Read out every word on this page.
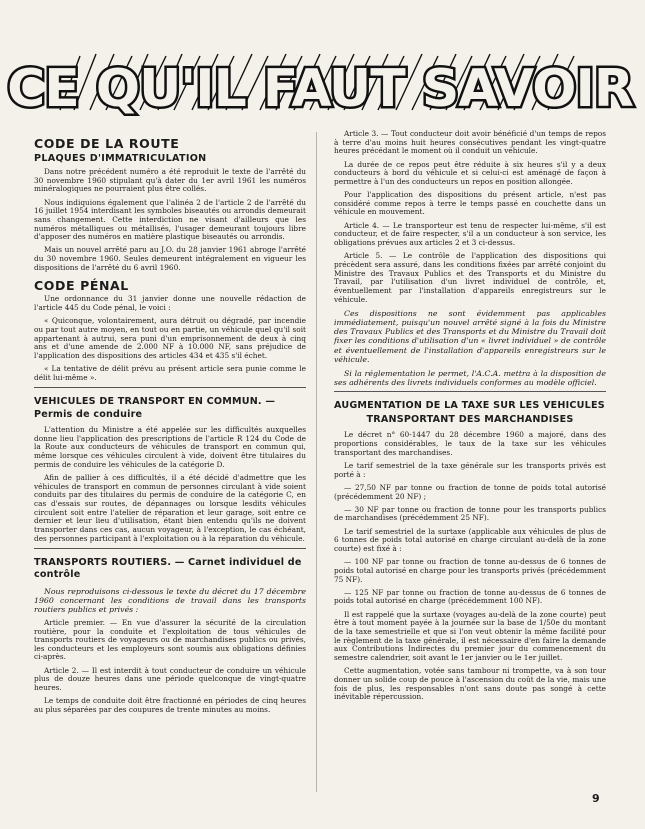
CE QU'IL FAUT SAVOIR
CODE DE LA ROUTE
PLAQUES D'IMMATRICULATION

Dans notre précédent numéro a été reproduit le texte de l'arrêté du 30 novembre 1960 stipulant qu'à dater du 1er avril 1961 les numéros minéralogiques ne pourraient plus être collés.

Nous indiquions également que l'alinéa 2 de l'article 2 de l'arrêté du 16 juillet 1954 interdisant les symboles biseautés ou arrondis demeurait sans changement. Cette interdiction ne visant d'ailleurs que les numéros métalliques ou métallisés, l'usager demeurant toujours libre d'apposer des numéros en matière plastique biseautés ou arrondis.

Mais un nouvel arrêté paru au J.O. du 28 janvier 1961 abroge l'arrêté du 30 novembre 1960. Seules demeurent intégralement en vigueur les dispositions de l'arrêté du 6 avril 1960.

CODE PÉNAL

Une ordonnance du 31 janvier donne une nouvelle rédaction de l'article 445 du Code pénal, le voici :

« Quiconque, volontairement, aura détruit ou dégradé, par incendie ou par tout autre moyen, en tout ou en partie, un véhicule quel qu'il soit appartenant à autrui, sera puni d'un emprisonnement de deux à cinq ans et d'une amende de 2.000 NF à 10.000 NF, sans préjudice de l'application des dispositions des articles 434 et 435 s'il échet.

« La tentative de délit prévu au présent article sera punie comme le délit lui-même ».

VEHICULES DE TRANSPORT EN COMMUN. — Permis de conduire

L'attention du Ministre a été appelée sur les difficultés auxquelles donne lieu l'application des prescriptions de l'article R 124 du Code de la Route aux conducteurs de véhicules de transport en commun qui, même lorsque ces véhicules circulent à vide, doivent être titulaires du permis de conduire les véhicules de la catégorie D.

Afin de pallier à ces difficultés, il a été décidé d'admettre que les véhicules de transport en commun de personnes circulant à vide soient conduits par des titulaires du permis de conduire de la catégorie C, en cas d'essais sur routes, de dépannages ou lorsque lesdits véhicules circulent soit entre l'atelier de réparation et leur garage, soit entre ce dernier et leur lieu d'utilisation, étant bien entendu qu'ils ne doivent transporter dans ces cas, aucun voyageur, à l'exception, le cas échéant, des personnes participant à l'exploitation ou à la réparation du véhicule.

TRANSPORTS ROUTIERS. — Carnet individuel de contrôle

Nous reproduisons ci-dessous le texte du décret du 17 décembre 1960 concernant les conditions de travail dans les transports routiers publics et privés :

Article premier. — En vue d'assurer la sécurité de la circulation routière, pour la conduite et l'exploitation de tous véhicules de transports routiers de voyageurs ou de marchandises publics ou privés, les conducteurs et les employeurs sont soumis aux obligations définies ci-après.

Article 2. — Il est interdit à tout conducteur de conduire un véhicule plus de douze heures dans une période quelconque de vingt-quatre heures.

Le temps de conduite doit être fractionné en périodes de cinq heures au plus séparées par des coupures de trente minutes au moins.

Article 3. — Tout conducteur doit avoir bénéficié d'un temps de repos à terre d'au moins huit heures consécutives pendant les vingt-quatre heures précédant le moment où il conduit un véhicule.

La durée de ce repos peut être réduite à six heures s'il y a deux conducteurs à bord du véhicule et si celui-ci est aménagé de façon à permettre à l'un des conducteurs un repos en position allongée.

Pour l'application des dispositions du présent article, n'est pas considéré comme repos à terre le temps passé en couchette dans un véhicule en mouvement.

Article 4. — Le transporteur est tenu de respecter lui-même, s'il est conducteur, et de faire respecter, s'il a un conducteur à son service, les obligations prévues aux articles 2 et 3 ci-dessus.

Article 5. — Le contrôle de l'application des dispositions qui précèdent sera assuré, dans les conditions fixées par arrêté conjoint du Ministre des Travaux Publics et des Transports et du Ministre du Travail, par l'utilisation d'un livret individuel de contrôle, et, éventuellement par l'installation d'appareils enregistreurs sur le véhicule.

Ces dispositions ne sont évidemment pas applicables immédiatement, puisqu'un nouvel arrêté signé à la fois du Ministre des Travaux Publics et des Transports et du Ministre du Travail doit fixer les conditions d'utilisation d'un « livret individuel » de contrôle et éventuellement de l'installation d'appareils enregistreurs sur le véhicule.

Si la réglementation le permet, l'A.C.A. mettra à la disposition de ses adhérents des livrets individuels conformes au modèle officiel.

AUGMENTATION DE LA TAXE SUR LES VEHICULES
TRANSPORTANT DES MARCHANDISES

Le décret n° 60-1447 du 28 décembre 1960 a majoré, dans des proportions considérables, le taux de la taxe sur les véhicules transportant des marchandises.

Le tarif semestriel de la taxe générale sur les transports privés est porté à :

— 27,50 NF par tonne ou fraction de tonne de poids total autorisé (précédemment 20 NF) ;

— 30 NF par tonne ou fraction de tonne pour les transports publics de marchandises (précédemment 25 NF).

Le tarif semestriel de la surtaxe (applicable aux véhicules de plus de 6 tonnes de poids total autorisé en charge circulant au-delà de la zone courte) est fixé à :

— 100 NF par tonne ou fraction de tonne au-dessus de 6 tonnes de poids total autorisé en charge pour les transports privés (précédemment 75 NF).

— 125 NF par tonne ou fraction de tonne au-dessus de 6 tonnes de poids total autorisé en charge (précédemment 100 NF).

Il est rappelé que la surtaxe (voyages au-delà de la zone courte) peut être à tout moment payée à la journée sur la base de 1/50e du montant de la taxe semestrielle et que si l'on veut obtenir la même facilité pour le règlement de la taxe générale, il est nécessaire d'en faire la demande aux Contributions Indirectes du premier jour du commencement du semestre calendrier, soit avant le 1er janvier ou le 1er juillet.

Cette augmentation, votée sans tambour ni trompette, va à son tour donner un solide coup de pouce à l'ascension du coût de la vie, mais une fois de plus, les responsables n'ont sans doute pas songé à cette inévitable répercussion.

9
